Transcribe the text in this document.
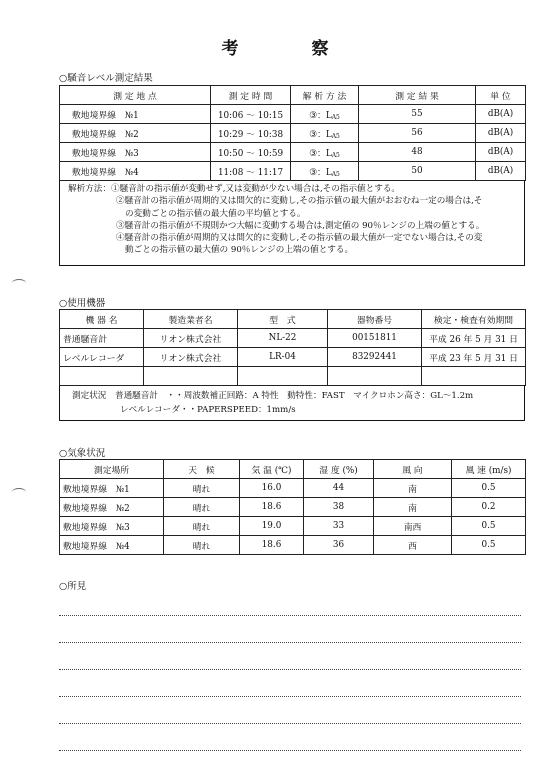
考　察
○騒音レベル測定結果
測 定 地 点	測 定 時 間	解 析 方 法	測 定 結 果	単 位
敷地境界線　№1	10:06 ～ 10:15	③：$L_{A5}$	55	dB(A)
敷地境界線　№2	10:29 ～ 10:38	③：$L_{A5}$	56	dB(A)
敷地境界線　№3	10:50 ～ 10:59	③：$L_{A5}$	48	dB(A)
敷地境界線　№4	11:08 ～ 11:17	③：$L_{A5}$	50	dB(A)
解析方法：①騒音計の指示値が変動せず,又は変動が少ない場合は,その指示値とする。
②騒音計の指示値が周期的又は間欠的に変動し,その指示値の最大値がおおむね一定の場合は,そ
の変動ごとの指示値の最大値の平均値とする。
③騒音計の指示値が不規則かつ大幅に変動する場合は,測定値の 90％レンジの上端の値とする。
④騒音計の指示値が周期的又は間欠的に変動し,その指示値の最大値が一定でない場合は,その変
動ごとの指示値の最大値の 90％レンジの上端の値とする。
○使用機器
機 器 名	製造業者名	型　式	器物番号	検定・検査有効期間
普通騒音計	リオン株式会社	NL-22	00151811	平成 26 年 5 月 31 日
レベルレコーダ	リオン株式会社	LR-04	83292441	平成 23 年 5 月 31 日

測定状況　普通騒音計　・・周波数補正回路：A 特性　動特性：FAST　マイクロホン高さ：GL～1.2m
レベルレコーダ・・PAPERSPEED：1mm/s
○気象状況
測定場所	天　候	気 温 (℃)	湿 度 (%)	風 向	風 速 (m/s)
敷地境界線　№1	晴れ	16.0	44	南	0.5
敷地境界線　№2	晴れ	18.6	38	南	0.2
敷地境界線　№3	晴れ	19.0	33	南西	0.5
敷地境界線　№4	晴れ	18.6	36	西	0.5
○所見
